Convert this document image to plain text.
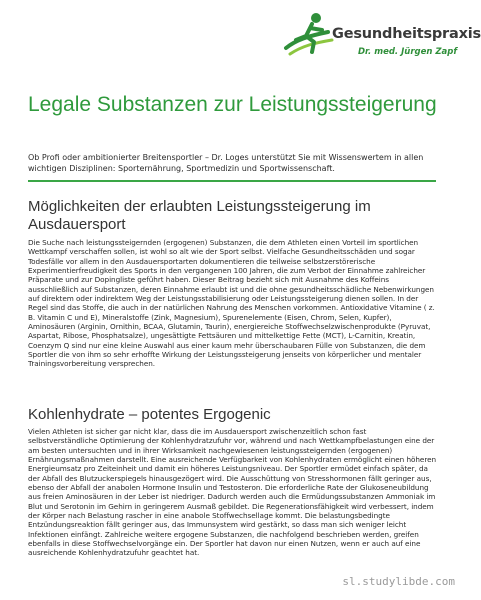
Gesundheitspraxis
Dr. med. Jürgen Zapf
Legale Substanzen zur Leistungssteigerung

Ob Profi oder ambitionierter Breitensportler – Dr. Loges unterstützt Sie mit Wissenswertem in allen wichtigen Disziplinen: Sporternährung, Sportmedizin und Sportwissenschaft.

Möglichkeiten der erlaubten Leistungssteigerung im Ausdauersport

Die Suche nach leistungssteigernden (ergogenen) Substanzen, die dem Athleten einen Vorteil im sportlichen Wettkampf verschaffen sollen, ist wohl so alt wie der Sport selbst. Vielfache Gesundheitsschäden und sogar Todesfälle vor allem in den Ausdauersportarten dokumentieren die teilweise selbstzerstörerische Experimentierfreudigkeit des Sports in den vergangenen 100 Jahren, die zum Verbot der Einnahme zahlreicher Präparate und zur Dopingliste geführt haben. Dieser Beitrag bezieht sich mit Ausnahme des Koffeins ausschließlich auf Substanzen, deren Einnahme erlaubt ist und die ohne gesundheitsschädliche Nebenwirkungen auf direktem oder indirektem Weg der Leistungsstabilisierung oder Leistungssteigerung dienen sollen. In der Regel sind das Stoffe, die auch in der natürlichen Nahrung des Menschen vorkommen. Antioxidative Vitamine ( z. B. Vitamin C und E), Mineralstoffe (Zink, Magnesium), Spurenelemente (Eisen, Chrom, Selen, Kupfer), Aminosäuren (Arginin, Ornithin, BCAA, Glutamin, Taurin), energiereiche Stoffwechselzwischenprodukte (Pyruvat, Aspartat, Ribose, Phosphatsalze), ungesättigte Fettsäuren und mittelkettige Fette (MCT), L-Carnitin, Kreatin, Coenzym Q sind nur eine kleine Auswahl aus einer kaum mehr überschaubaren Fülle von Substanzen, die dem Sportler die von ihm so sehr erhoffte Wirkung der Leistungssteigerung jenseits von körperlicher und mentaler Trainingsvorbereitung versprechen.

Kohlenhydrate – potentes Ergogenic

Vielen Athleten ist sicher gar nicht klar, dass die im Ausdauersport zwischenzeitlich schon fast selbstverständliche Optimierung der Kohlenhydratzufuhr vor, während und nach Wettkampfbelastungen eine der am besten untersuchten und in ihrer Wirksamkeit nachgewiesenen leistungssteigernden (ergogenen) Ernährungsmaßnahmen darstellt. Eine ausreichende Verfügbarkeit von Kohlenhydraten ermöglicht einen höheren Energieumsatz pro Zeiteinheit und damit ein höheres Leistungsniveau. Der Sportler ermüdet einfach später, da der Abfall des Blutzuckerspiegels hinausgezögert wird. Die Ausschüttung von Stresshormonen fällt geringer aus, ebenso der Abfall der anabolen Hormone Insulin und Testosteron. Die erforderliche Rate der Glukoseneubildung aus freien Aminosäuren in der Leber ist niedriger. Dadurch werden auch die Ermüdungssubstanzen Ammoniak im Blut und Serotonin im Gehirn in geringerem Ausmaß gebildet. Die Regenerationsfähigkeit wird verbessert, indem der Körper nach Belastung rascher in eine anabole Stoffwechsellage kommt. Die belastungsbedingte Entzündungsreaktion fällt geringer aus, das Immunsystem wird gestärkt, so dass man sich weniger leicht Infektionen einfängt. Zahlreiche weitere ergogene Substanzen, die nachfolgend beschrieben werden, greifen ebenfalls in diese Stoffwechselvorgänge ein. Der Sportler hat davon nur einen Nutzen, wenn er auch auf eine ausreichende Kohlenhydratzufuhr geachtet hat.

sl.studylibde.com
